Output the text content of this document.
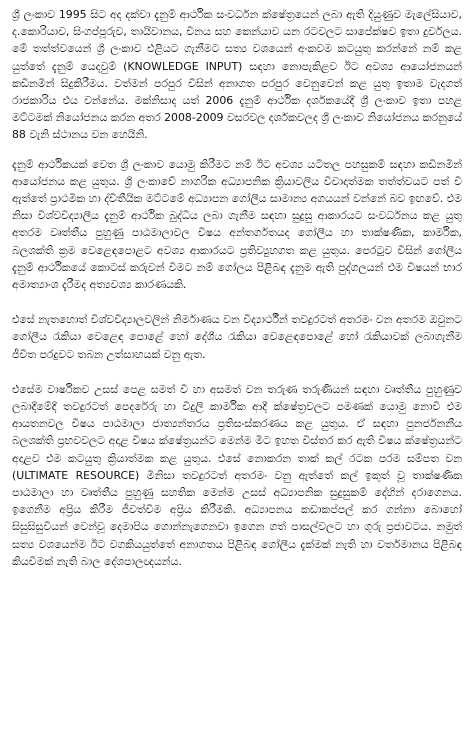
ශ්‍රී ලංකාව 1995 සිට අද දක්වා දැනුම් ආර්ථික සංවර්ධන ක්ෂේත්‍රයෙන් ලබා ඇති දියුණුව මැලේසියාව, ද.කොරියාව, සිංගප්පූරුව, තායිවානය, චීනය සහ කෙන්යාව යන රටවලට සාපේක්ෂව ඉතා දුර්වලය. මේ තත්ත්වයෙන් ශ්‍රී ලංකාව එළියට ගැනීමට සත්‍ය වශයෙන් අංකවම කටයුතු කරන්නේ නම් කළ යුත්තේ දැනුම් යෙදවුම් (KNOWLEDGE INPUT) සඳහා නොපැකිළව ඊට අවශ්‍ය ආයෝජනයන් කඩිනමින් සිදුකිරීමය. වත්මන් පරපුර විසින් අනාගත පරපුර වෙනුවෙන් කළ යුතු ඉතාම වැදගත් රාජකාරිය එය වන්නේය. මක්නිසාද යත් 2006 දැනුම් ආර්ථික දර්ශකයේදී ශ්‍රී ලංකාව ඉතා පහළ මට්ටමක් නියෝජනය කරන අතර 2008-2009 වසරවල දර්ශකවලද ශ්‍රී ලංකාව නියෝජනය කරනුයේ 88 වැනි ස්ථානය වන හෙයිනි.

දැනුම් ආර්ථිකයක් වෙත ශ්‍රී ලංකාව යොමු කිරීමට නම් ඊට අවශ්‍ය යටිතල පහසුකම් සඳහා කඩිනමින් ආයෝජනය කළ යුතුය. ශ්‍රී ලංකාවේ නාගරික අධ්‍යාපනික ක්‍රියාවලිය විවාදාත්මක තත්ත්වයට පත් වී ඇත්තේ ප්‍රාථමික හා ද්විතීයික මට්ටමේ අධ්‍යාපන ගෝලීය සාමාන්‍ය අගයයන් වන්නේ බව ඉඟවේ. එම නිසා විශ්වවිද්‍යාලීය දැනුම් ආර්ථික බුද්ධිය ලබා ගැනීම සඳහා සුදුසු ආකාරයට සංවර්ධනය කළ යුතු අතරම වෘත්තීය පුහුණු පාඨමාලාවල විෂය අන්තර්ගතයද ගෝලීය හා තාක්ෂණික, කාර්මික, බලශක්ති ක්‍රම වෙළෙඳපොළට අවශ්‍ය ආකාරයට ප්‍රතිව්‍යුහගත කළ යුතුය. පෙරටුව විසින් ගෝලීය දැනුම් ආර්ථිකයේ කොටස් කරුවන් වීමට නම් ගෝලය පිළිබඳ දැනුම ඇති පුද්ගලයන් එම විෂයන් භාර අමාත්‍යාංශ දැරීමද අත්‍යවශ්‍ය කාරණයකි.

එසේ නැතහොත් විශ්වවිද්‍යාලවලින් නිර්මාණය වන විද්‍යාර්ථීන් තවදුරටත් අතරමං වන අතරම ඔවුනට ගෝලීය රැකියා වෙළෙඳ පොළේ හෝ දේශීය රැකියා වෙළෙඳපොළේ හෝ රැකියාවක් ලබාගැනීම ජීවිත පරදුවට තබන උත්සාහයක් වනු ඇත.

එසේම වාර්ෂිකව උසස් පෙළ සමත් වී හා අසමත් වන තරුණ තරුණියන් සඳහා වෘත්තීය පුහුණුව ලබාදීමේදී තවදුරටත් පෙදරේරු හා විදුලි කාර්මික ආදී ක්ෂේත්‍රවලට පමණක් යොමු නොවී එම ආයතනවල විෂය පාඨමාලා ජාත්‍යන්තරය ප්‍රතිසංස්කරණය කළ යුතුය. ඒ සඳහා පුනර්ජනනීය බලශක්ති ප්‍රභවවලට අදාළ විෂය ක්ෂේත්‍රයන්ට මෙන්ම මීට ඉහත විස්තර කර ඇති විෂය ක්ෂේත්‍රයන්ට අදාළව එම කටයුතු ක්‍රියාත්මක කළ යුතුය. එසේ නොකරන තාක් කල් රටක පරම සම්පත වන (ULTIMATE RESOURCE) මිනිසා තවදුරටත් අතරමං වනු ඇත්තේ කල් ඉකුත් වූ තාක්ෂණික පාඨමාලා හා වෘත්තීය පුහුණු සහතික මෙන්ම උසස් අධ්‍යාපනික සුදුසුකම් දේහින් දරාගෙනය. ඉගෙනීම අප්‍රිය කිරීම ජීවත්වීම අප්‍රිය කිරීමකි. අධ්‍යාපනය කඩාකප්පල් කර ගන්නා බොහෝ සිසුසිසුවියන් වෙන්වූ දෙමාපිය ගොන්නැගෙනවා ඉගෙන ගත් පාසල්වලට හා ගුරු ප්‍රජාවටය. නමුත් සත්‍ය වශයෙන්ම ඊට වගකියයුත්තේ අනාගතය පිළිබඳ ගෝලීය දැක්මක් නැති හා වර්තමානය පිළිබඳ කියවීමක් නැති බාල දේශපාලඥයන්ය.
